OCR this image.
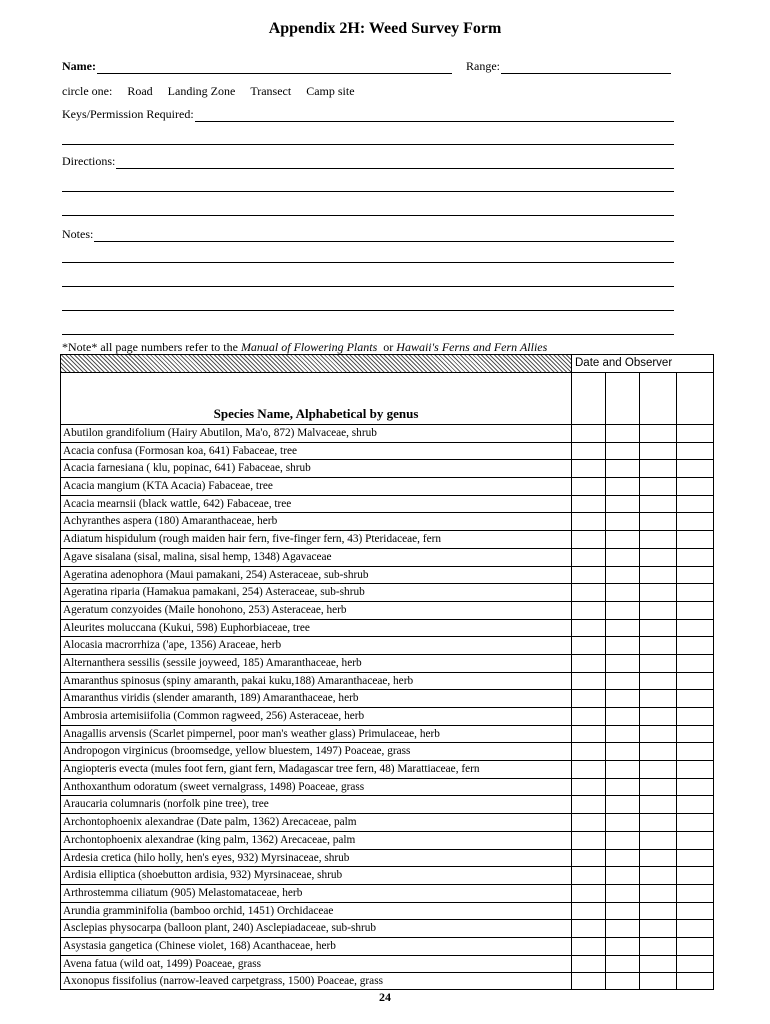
Appendix 2H: Weed Survey Form
Name:	Range:
circle one: Road Landing Zone Transect Camp site
Keys/Permission Required:
Directions:
Notes:
*Note* all page numbers refer to the Manual of Flowering Plants  or Hawaii's Ferns and Fern Allies
Date and Observer
Species Name, Alphabetical by genus
Abutilon grandifolium (Hairy Abutilon, Ma'o, 872) Malvaceae, shrub
Acacia confusa (Formosan koa, 641) Fabaceae, tree
Acacia farnesiana ( klu, popinac, 641) Fabaceae, shrub
Acacia mangium (KTA Acacia) Fabaceae, tree
Acacia mearnsii (black wattle, 642) Fabaceae, tree
Achyranthes aspera (180) Amaranthaceae, herb
Adiatum hispidulum (rough maiden hair fern, five-finger fern, 43) Pteridaceae, fern
Agave sisalana (sisal, malina, sisal hemp, 1348) Agavaceae
Ageratina adenophora (Maui pamakani, 254) Asteraceae, sub-shrub
Ageratina riparia (Hamakua pamakani, 254) Asteraceae, sub-shrub
Ageratum conzyoides (Maile honohono, 253) Asteraceae, herb
Aleurites moluccana (Kukui, 598) Euphorbiaceae, tree
Alocasia macrorrhiza ('ape, 1356) Araceae, herb
Alternanthera sessilis (sessile joyweed, 185) Amaranthaceae, herb
Amaranthus spinosus (spiny amaranth, pakai kuku,188) Amaranthaceae, herb
Amaranthus viridis (slender amaranth, 189) Amaranthaceae, herb
Ambrosia artemisiifolia (Common ragweed, 256) Asteraceae, herb
Anagallis arvensis (Scarlet pimpernel, poor man's weather glass) Primulaceae, herb
Andropogon virginicus (broomsedge, yellow bluestem, 1497) Poaceae, grass
Angiopteris evecta (mules foot fern, giant fern, Madagascar tree fern, 48) Marattiaceae, fern
Anthoxanthum odoratum (sweet vernalgrass, 1498) Poaceae, grass
Araucaria columnaris (norfolk pine tree), tree
Archontophoenix alexandrae (Date palm, 1362) Arecaceae, palm
Archontophoenix alexandrae (king palm, 1362) Arecaceae, palm
Ardesia cretica (hilo holly, hen's eyes, 932) Myrsinaceae, shrub
Ardisia elliptica (shoebutton ardisia, 932) Myrsinaceae, shrub
Arthrostemma ciliatum (905) Melastomataceae, herb
Arundia gramminifolia (bamboo orchid, 1451) Orchidaceae
Asclepias physocarpa (balloon plant, 240) Asclepiadaceae, sub-shrub
Asystasia gangetica (Chinese violet, 168) Acanthaceae, herb
Avena fatua (wild oat, 1499) Poaceae, grass
Axonopus fissifolius (narrow-leaved carpetgrass, 1500) Poaceae, grass
24
